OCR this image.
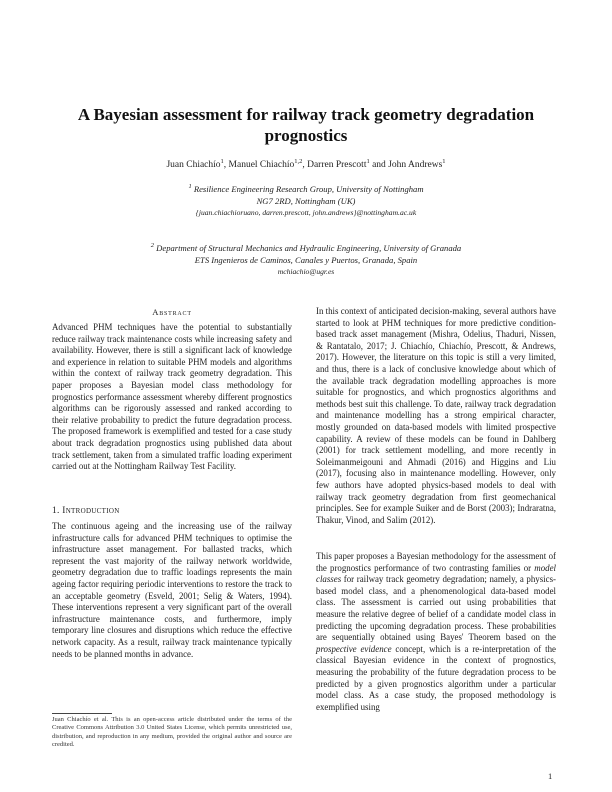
A Bayesian assessment for railway track geometry degradation prognostics
Juan Chiachío$^1$, Manuel Chiachío$^{1,2}$, Darren Prescott$^1$ and John Andrews$^1$
$^1$ Resilience Engineering Research Group, University of Nottingham
NG7 2RD, Nottingham (UK)
{juan.chiachioruano, darren.prescott, john.andrews}@nottingham.ac.uk
$^2$ Department of Structural Mechanics and Hydraulic Engineering, University of Granada
ETS Ingenieros de Caminos, Canales y Puertos, Granada, Spain
mchiachio@ugr.es
Abstract

Advanced PHM techniques have the potential to substantially reduce railway track maintenance costs while increasing safety and availability. However, there is still a significant lack of knowledge and experience in relation to suitable PHM models and algorithms within the context of railway track geometry degradation. This paper proposes a Bayesian model class methodology for prognostics performance assessment whereby different prognostics algorithms can be rigorously assessed and ranked according to their relative probability to predict the future degradation process. The proposed framework is exemplified and tested for a case study about track degradation prognostics using published data about track settlement, taken from a simulated traffic loading experiment carried out at the Nottingham Railway Test Facility.

1. Introduction

The continuous ageing and the increasing use of the railway infrastructure calls for advanced PHM techniques to optimise the infrastructure asset management. For ballasted tracks, which represent the vast majority of the railway network worldwide, geometry degradation due to traffic loadings represents the main ageing factor requiring periodic interventions to restore the track to an acceptable geometry (Esveld, 2001; Selig & Waters, 1994). These interventions represent a very significant part of the overall infrastructure maintenance costs, and furthermore, imply temporary line closures and disruptions which reduce the effective network capacity. As a result, railway track maintenance typically needs to be planned months in advance.

Juan Chiachío et al. This is an open-access article distributed under the terms of the Creative Commons Attribution 3.0 United States License, which permits unrestricted use, distribution, and reproduction in any medium, provided the original author and source are credited.

In this context of anticipated decision-making, several authors have started to look at PHM techniques for more predictive condition-based track asset management (Mishra, Odelius, Thaduri, Nissen, & Rantatalo, 2017; J. Chiachío, Chiachío, Prescott, & Andrews, 2017). However, the literature on this topic is still a very limited, and thus, there is a lack of conclusive knowledge about which of the available track degradation modelling approaches is more suitable for prognostics, and which prognostics algorithms and methods best suit this challenge. To date, railway track degradation and maintenance modelling has a strong empirical character, mostly grounded on data-based models with limited prospective capability. A review of these models can be found in Dahlberg (2001) for track settlement modelling, and more recently in Soleimanmeigouni and Ahmadi (2016) and Higgins and Liu (2017), focusing also in maintenance modelling. However, only few authors have adopted physics-based models to deal with railway track geometry degradation from first geomechanical principles. See for example Suiker and de Borst (2003); Indraratna, Thakur, Vinod, and Salim (2012).

This paper proposes a Bayesian methodology for the assessment of the prognostics performance of two contrasting families or model classes for railway track geometry degradation; namely, a physics-based model class, and a phenomenological data-based model class. The assessment is carried out using probabilities that measure the relative degree of belief of a candidate model class in predicting the upcoming degradation process. These probabilities are sequentially obtained using Bayes' Theorem based on the prospective evidence concept, which is a re-interpretation of the classical Bayesian evidence in the context of prognostics, measuring the probability of the future degradation process to be predicted by a given prognostics algorithm under a particular model class. As a case study, the proposed methodology is exemplified using

1
